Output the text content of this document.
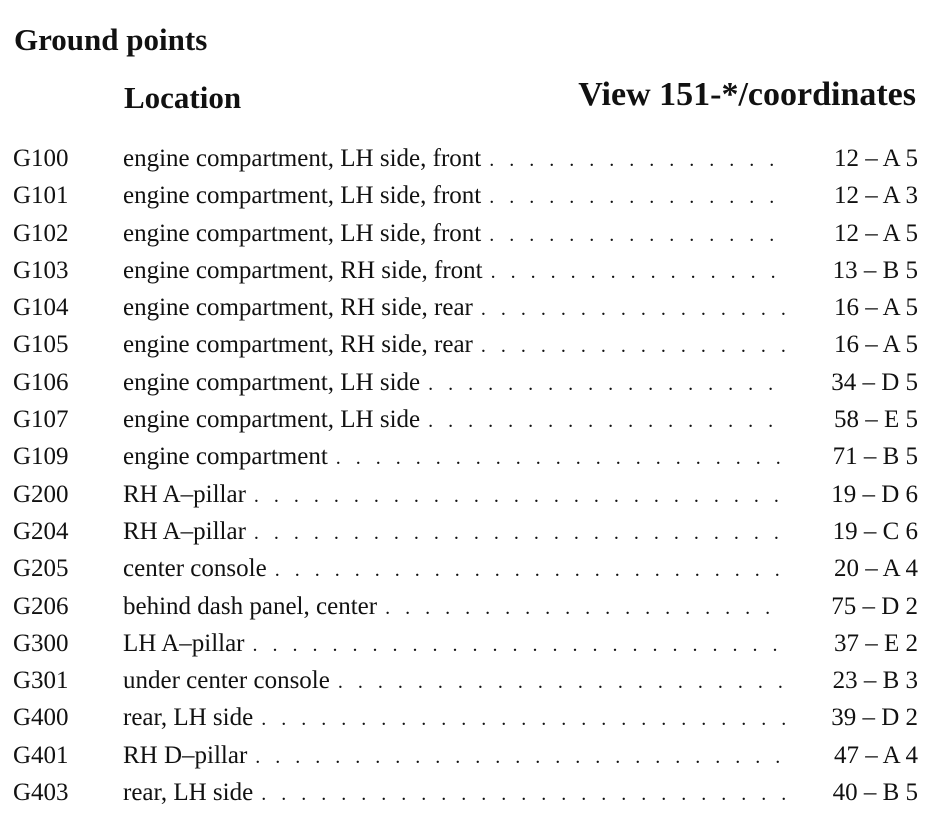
Ground points
Location	View 151-*/coordinates
G100 engine compartment, LH side, front . . .	12 – A 5
G101 engine compartment, LH side, front . . .	12 – A 3
G102 engine compartment, LH side, front . . .	12 – A 5
G103 engine compartment, RH side, front . . .	13 – B 5
G104 engine compartment, RH side, rear . . .	16 – A 5
G105 engine compartment, RH side, rear . . .	16 – A 5
G106 engine compartment, LH side . . .	34 – D 5
G107 engine compartment, LH side . . .	58 – E 5
G109 engine compartment . . .	71 – B 5
G200 RH A–pillar . . .	19 – D 6
G204 RH A–pillar . . .	19 – C 6
G205 center console . . .	20 – A 4
G206 behind dash panel, center . . .	75 – D 2
G300 LH A–pillar . . .	37 – E 2
G301 under center console . . .	23 – B 3
G400 rear, LH side . . .	39 – D 2
G401 RH D–pillar . . .	47 – A 4
G403 rear, LH side . . .	40 – B 5
